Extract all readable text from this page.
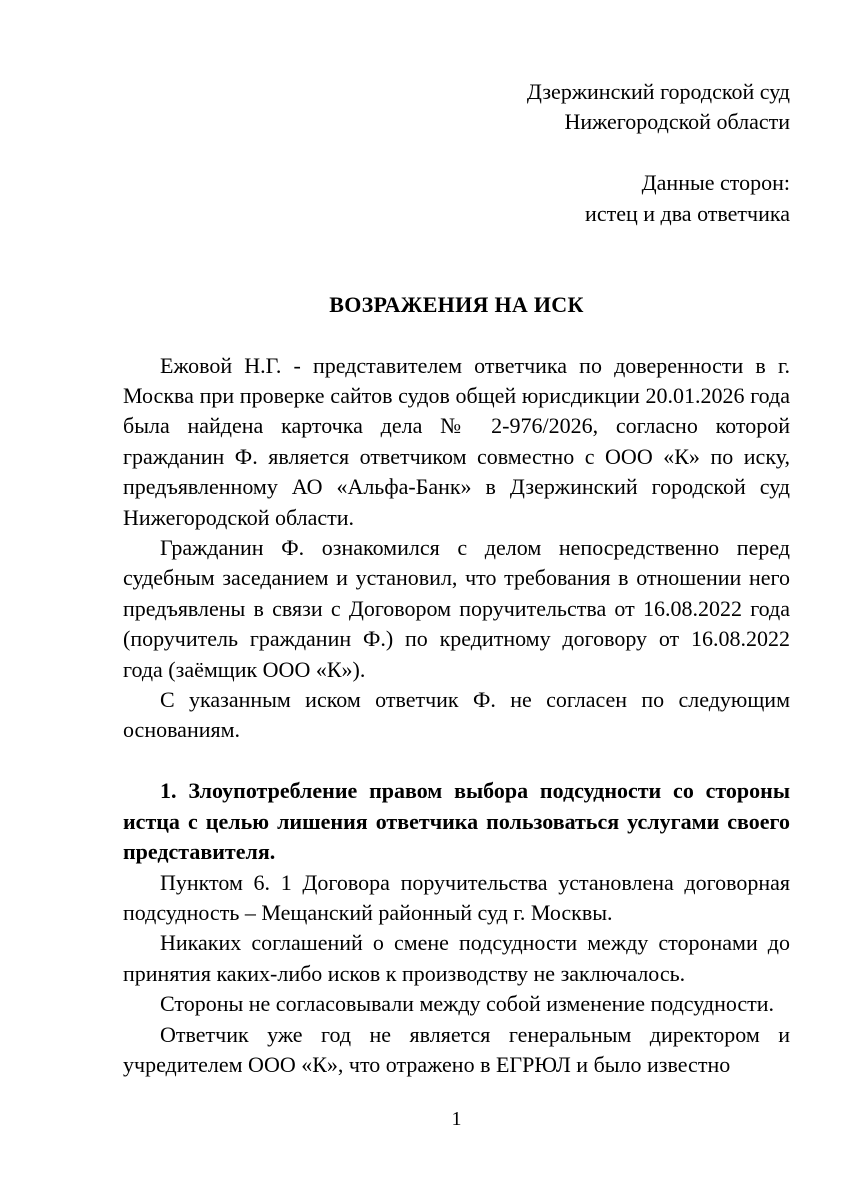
Дзержинский городской суд
Нижегородской области
Данные сторон:
истец и два ответчика
ВОЗРАЖЕНИЯ НА ИСК

Ежовой Н.Г. - представителем ответчика по доверенности в г. Москва при проверке сайтов судов общей юрисдикции 20.01.2026 года была найдена карточка дела № 2-976/2026, согласно которой гражданин Ф. является ответчиком совместно с ООО «К» по иску, предъявленному АО «Альфа-Банк» в Дзержинский городской суд Нижегородской области.

Гражданин Ф. ознакомился с делом непосредственно перед судебным заседанием и установил, что требования в отношении него предъявлены в связи с Договором поручительства от 16.08.2022 года (поручитель гражданин Ф.) по кредитному договору от 16.08.2022 года (заёмщик ООО «К»).

С указанным иском ответчик Ф. не согласен по следующим основаниям.

1. Злоупотребление правом выбора подсудности со стороны истца с целью лишения ответчика пользоваться услугами своего представителя.

Пунктом 6. 1 Договора поручительства установлена договорная подсудность – Мещанский районный суд г. Москвы.

Никаких соглашений о смене подсудности между сторонами до принятия каких-либо исков к производству не заключалось.

Стороны не согласовывали между собой изменение подсудности.

Ответчик уже год не является генеральным директором и учредителем ООО «К», что отражено в ЕГРЮЛ и было известно

1
